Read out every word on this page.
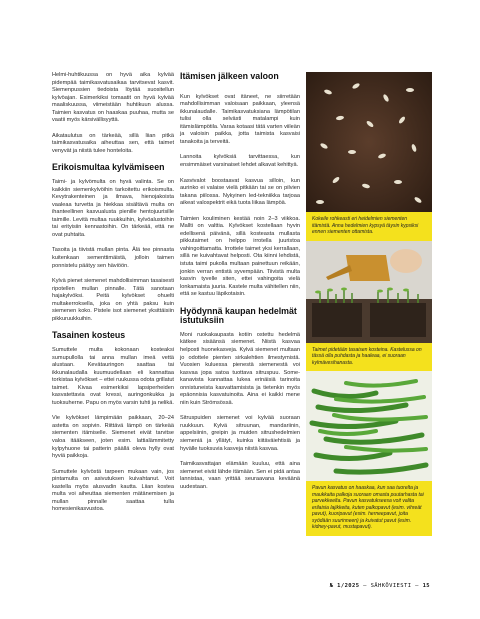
Helmi-huhtikuussa on hyvä aika kylvää pidempää taimikasvatusaikaa tarvitsevat kasvit. Siemenpussien tiedoista löytää suositellun kylvöajan. Esimerkiksi tomaatit on hyvä kylvää maaliskuussa, viimeistään huhtikuun alussa. Taimien kasvatus on haaskaa puuhaa, mutta se vaatii myös kärsivällisyyttä.

Aikataulutus on tärkeää, sillä liian pitkä taimikasvatusaika aiheuttaa sen, että taimet venyvät ja niistä tulee honteloita.

Erikoismultaa kylvämiseen

Taimi- ja kylvömulta on hyvä valinta. Se on kaikkiin siemenkylvöihin tarkoitettu erikoismulta. Kevytrakenteinen ja ilmava, hienojakoista vaaleaa turvetta ja hiekkaa sisältävä multa on ihanteellinen kasvualusta pienille hentojuurisille taimille. Levitä multaa ruukkuihin, kylvöalustoihin tai erityisiin kennastoihin. On tärkeää, että ne ovat puhtaita.

Tasoita ja tiivistä mullan pinta. Älä tee pinnasta kuitenkaan sementtimäistä, jolloin taimen ponnistelu päätyy sen häviöön.

Kylvä pienet siemenet mahdollisimman tasaisesti ripotellen mullan pinnalle. Tätä sanotaan hajakylvöksi. Peitä kylvökset ohuelti multakerroksella, joka on yhtä paksu kuin siemenen koko. Pistele isot siemenet yksittäisiin pikkuruukkuihin.

Tasainen kosteus

Sumuttele multa kokonaan kosteaksi sumupullolla tai anna mullan imeä vettä alustaan. Kevätauringon saattaa tai ikkunalaudalla kuumuudellaan eli kannattaa torkistaa kylvökset – ettei ruukussa odota grillatut taimet. Kivaa esimerkiksi lapsiperheiden kasvatettavia ovat kressi, auringonkukka ja tuoksuherne. Papu on myös varsin tuhti ja nelikä.

Vie kylvökset lämpimään paikkaan, 20–24 astetta on sopivin. Riittävä lämpö on tärkeää siementen itämiselle. Siemenet eivät tarvitse valoa itääkseen, joten esim. lattialämmitetty kylpyhuone tai patterin päällä oleva hylly ovat hyviä paikkoja.

Sumuttele kylvöstä tarpeen mukaan vain, jos pintamulta on asivutuksen kuivahtanut. Voit kastella myös alusvadin kautta. Liian kostea multa voi aiheuttaa siementen mätänemisen ja mullan pinnalle saattaa tulla homesienikasvustoa.

Itämisen jälkeen valoon

Kun kylvökset ovat itäneet, ne siirretään mahdollisimman valoisaan paikkaan, yleensä ikkunalaudalle. Taimikasvatuksiana lämpötilan tulisi olla selvästi matalampi kuin itämislämpötila. Varaa kotaasi tätä varten viileän ja valoisin paikka, jotta taimista kasvaisi tanakoita ja terveitä.

Lannoita kylvöksiä tarvittaessa, kun ensimmäiset varsinaiset lehdet alkavat kehittyä.

Kasvivalot boostaavat kasvua silloin, kun aurinko ei valaise vielä pitkään tai se on pilvien takana piilossa. Nykyinen led-tekniikka tarjoaa aikeat valospektrit eikä tuota liikaa lämpöä.

Taimien kouliminen kestää noin 2–3 viikkoa. Mallti on valttia. Kylvökset kostellaan hyvin edellisenä päivänä, sillä kosteasta mullasta pikkutaimet on helppo irrotella juuristoa vahingoittamatta. Irrottele taimet yksi kerrallaan, sillä ne kuivahtavat helposti. Ota kiinni lehdistä, istuta taimi pukolla multaan painettuun reikään, jonkin verran entistä syvempään. Tiivistä multa kasvin tyvelle siten, ettei vahingoita vielä lonkamaista juuria. Kastele multa vähitellen niin, että se kastuu läpikotaisin.

Hyödynnä kaupan hedelmät istutuksiin

Moni ruokakaupasta kotiin ostettu hedelmä kätkee sisäänsä siemenet. Niistä kasvaa helposti huonekasveja. Kylvä siemenet multaan jo odottele pienten sirkalehtien ilmestymistä. Vuosien kuluessa pienestä siemenestä voi kasvaa jopa satoa tuottava sitruspuu. Some-kanavista kannattaa lukea erinäisiä tarinoita onnistuneista kasvattamisista ja tietenkin myös epäonnisia kasvatuinoita. Aina ei kaikki mene niin kuin Strömsössä.

Sitruspuiden siemenet voi kylvää suoraan ruukkuun. Kylvä sitruunan, mandariinin, appelsiinin, greipin ja muiden sitrushedelmien siemeniä ja yllätyt, kuinka kiitäväiehtisiä ja hyvälle tuoksuvia kasveja niistä kasvaa.

Taimikasvattajan elämään kuuluu, että aina siemenet eivät lähde itämään. Sen ei pidä antaa lannistaa, vaan yrittää seuraavana keväänä uudestaan.

Kokeile rohkeasti eri heidelmien siementen itämistä. Anna hedelmien kypsyä täysin kypsiksi ennen siementen ottamista.
Taimet pidetään tasaisen kosteina. Kastelussa on tässä olla puhdasta ja haaleaa, ei suoraan kylmävesihanasta.
Pavun kasvatus on haaskaa, kun saa tuorelta ja maukkaita palkoja suoraan omasta puutarhasta tai parvekkeelta. Pavun kasvatukseesa voit valita erilaisia lajikkeita, kuten palkopavut (esim. vihreät pavut), kuoripavut (esim. herneepavut, joita syödään suurinneen) ja kuivatut pavut (esim. kidney-pavut, mustapavut).
№ 1/2025 – SÄHKÖVIESTI – 15
